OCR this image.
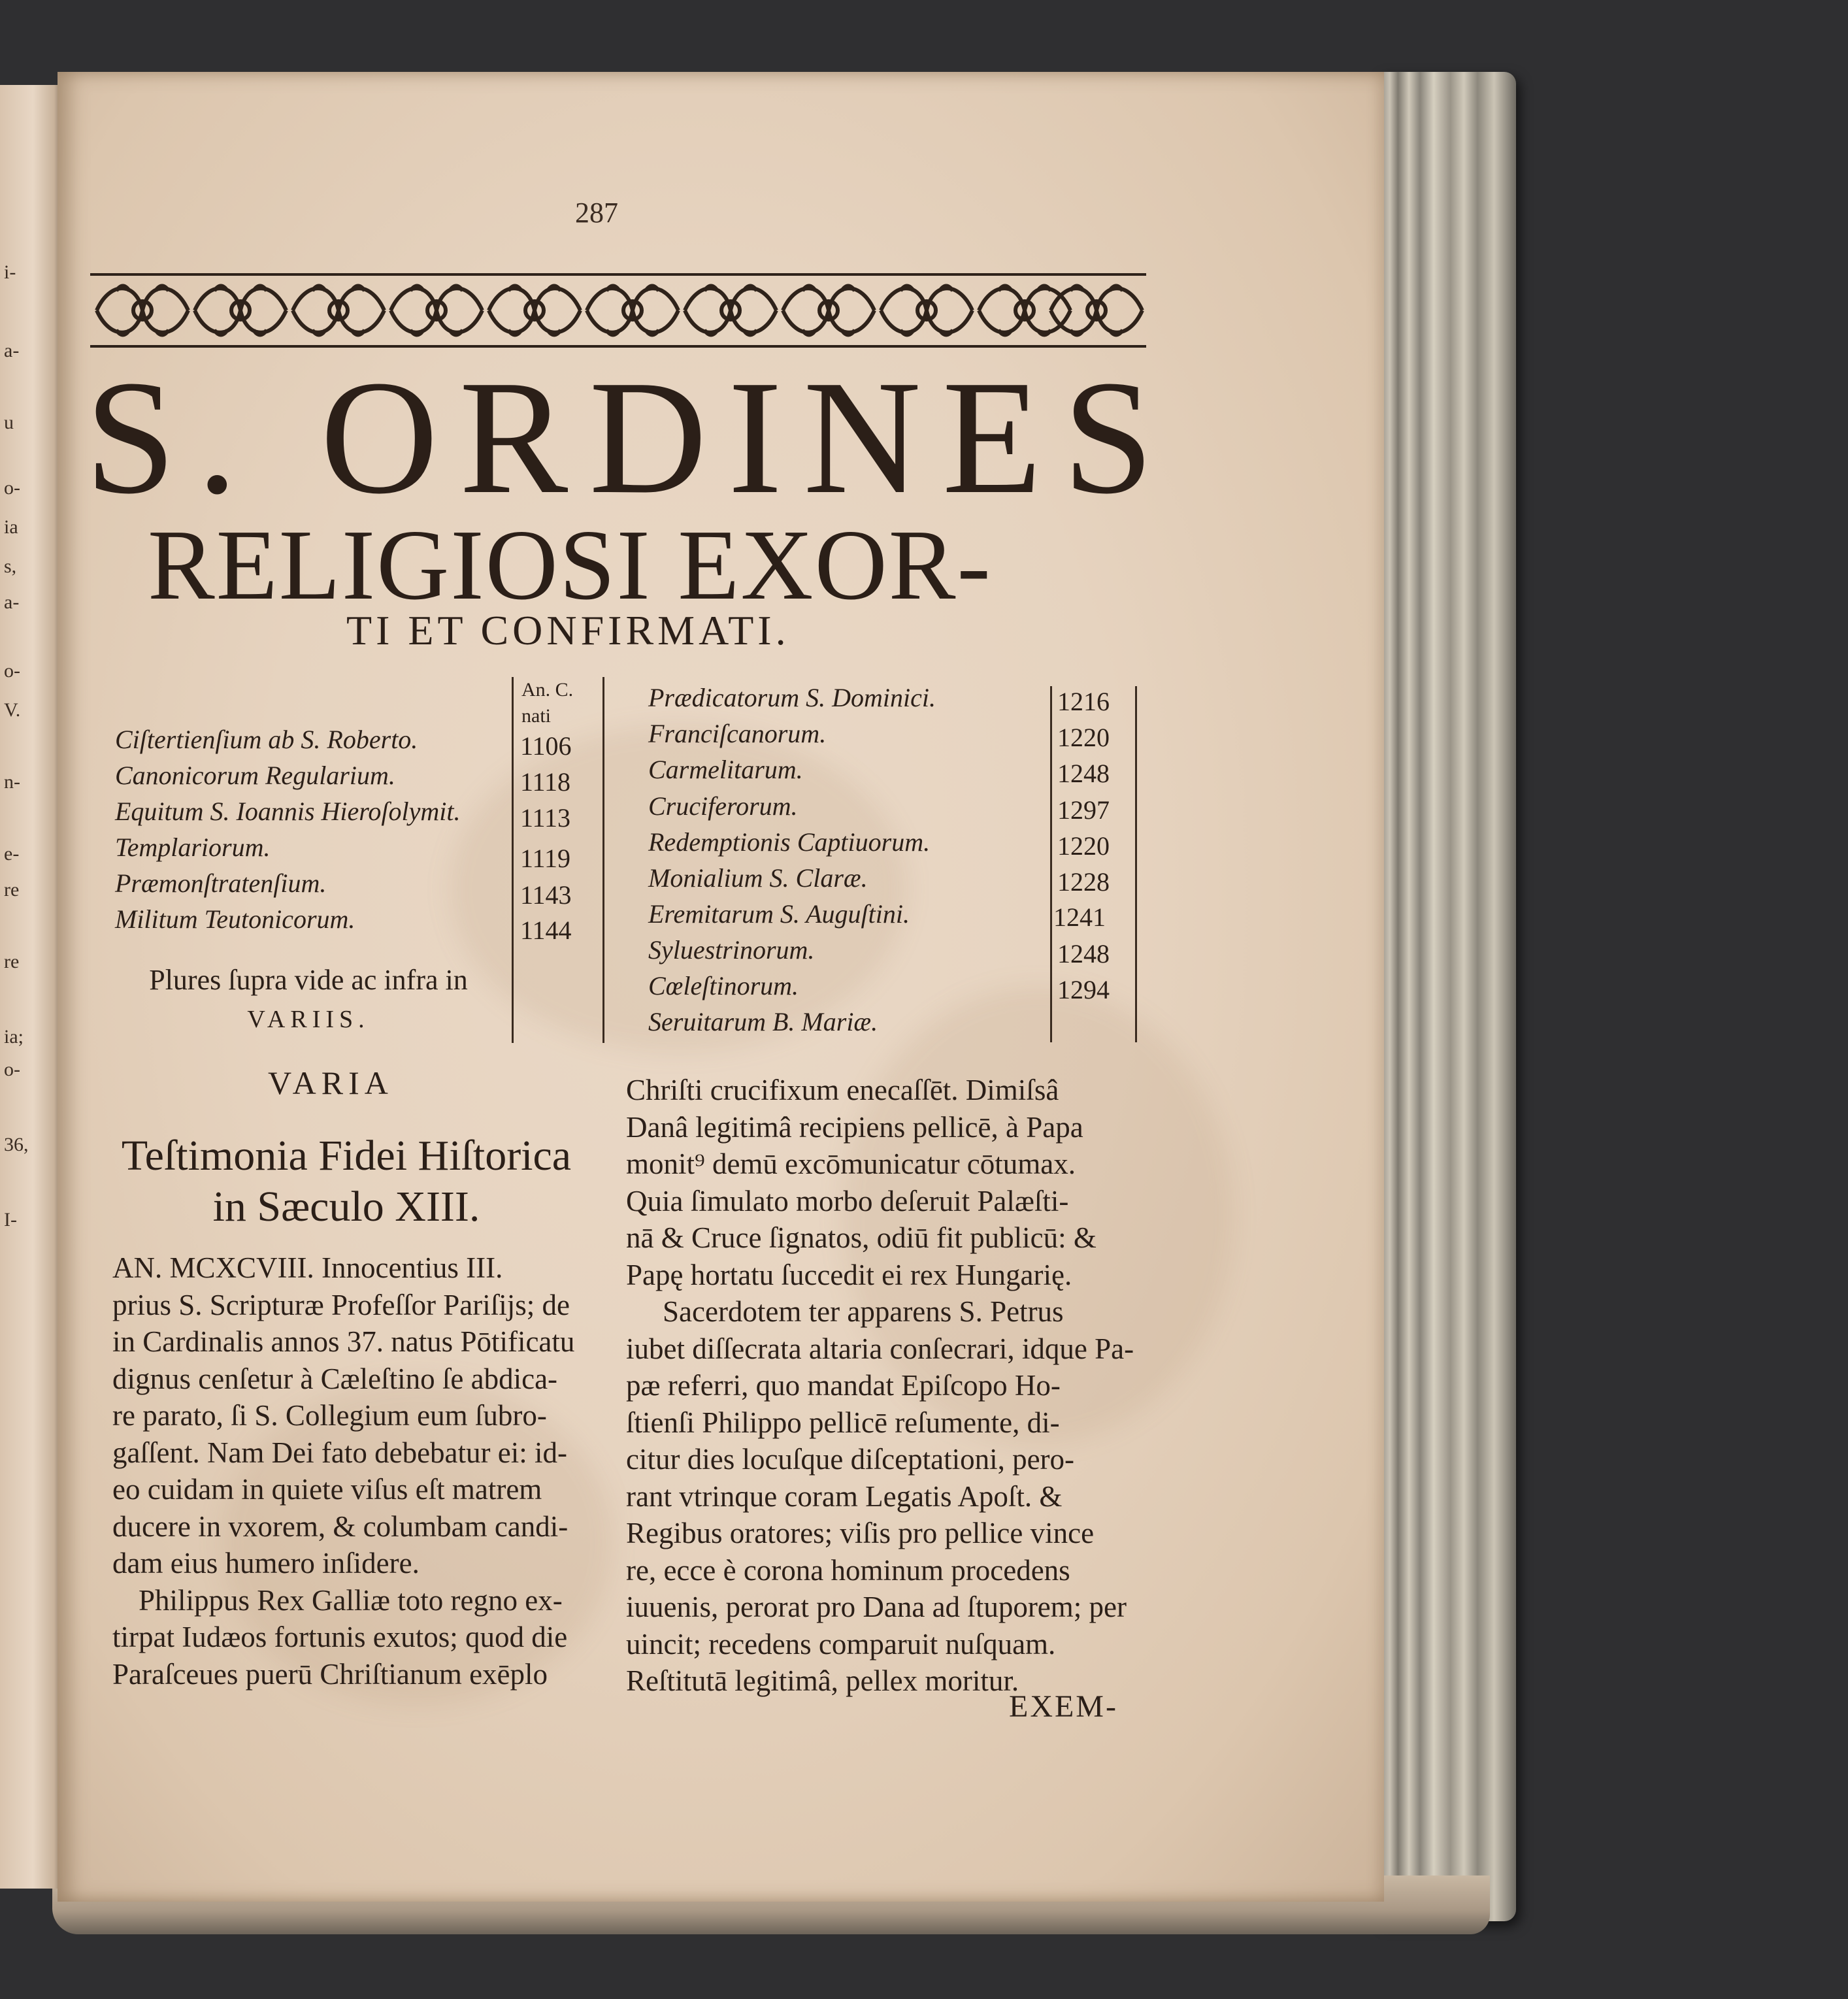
i-
a-
u
o-
ia
s,
a-
o-
V.
n-
e-
re
re
ia;
o-
36,
I-
287
S. ORDINES
RELIGIOSI EXOR-
TI ET CONFIRMATI.
An. C.
nati
Ciſtertienſium ab S. Roberto.
Canonicorum Regularium.
Equitum S. Ioannis Hieroſolymit.
Templariorum.
Præmonſtratenſium.
Militum Teutonicorum.
1106
1118
1113
1119
1143
1144
Prædicatorum S. Dominici.
Franciſcanorum.
Carmelitarum.
Cruciferorum.
Redemptionis Captiuorum.
Monialium S. Claræ.
Eremitarum S. Auguſtini.
Syluestrinorum.
Cœleſtinorum.
Seruitarum B. Mariæ.
1216
1220
1248
1297
1220
1228
1241
1248
1294
Plures ſupra vide ac infra in
VARIIS.
VARIA
Teſtimonia Fidei Hiſtorica
in Sæculo XIII.
AN. MCXCVIII. Innocentius III.
prius S. Scripturæ Profeſſor Pariſijs; de
in Cardinalis annos 37. natus Pōtificatu
dignus cenſetur à Cæleſtino ſe abdica-
re parato, ſi S. Collegium eum ſubro-
gaſſent. Nam Dei fato debebatur ei: id-
eo cuidam in quiete viſus eſt matrem
ducere in vxorem, & columbam candi-
dam eius humero inſidere.
Philippus Rex Galliæ toto regno ex-
tirpat Iudæos fortunis exutos; quod die
Paraſceues puerū Chriſtianum exēplo
Chriſti crucifixum enecaſſēt. Dimiſsâ
Danâ legitimâ recipiens pellicē, à Papa
monit⁹ demū excōmunicatur cōtumax.
Quia ſimulato morbo deſeruit Palæſti-
nā & Cruce ſignatos, odiū fit publicū: &
Papę hortatu ſuccedit ei rex Hungarię.
Sacerdotem ter apparens S. Petrus
iubet diſſecrata altaria conſecrari, idque Pa-
pæ referri, quo mandat Epiſcopo Ho-
ſtienſi Philippo pellicē reſumente, di-
citur dies locuſque diſceptationi, pero-
rant vtrinque coram Legatis Apoſt. &
Regibus oratores; viſis pro pellice vince
re, ecce è corona hominum procedens
iuuenis, perorat pro Dana ad ſtuporem; per
uincit; recedens comparuit nuſquam.
Reſtitutā legitimâ, pellex moritur.
EXEM-
